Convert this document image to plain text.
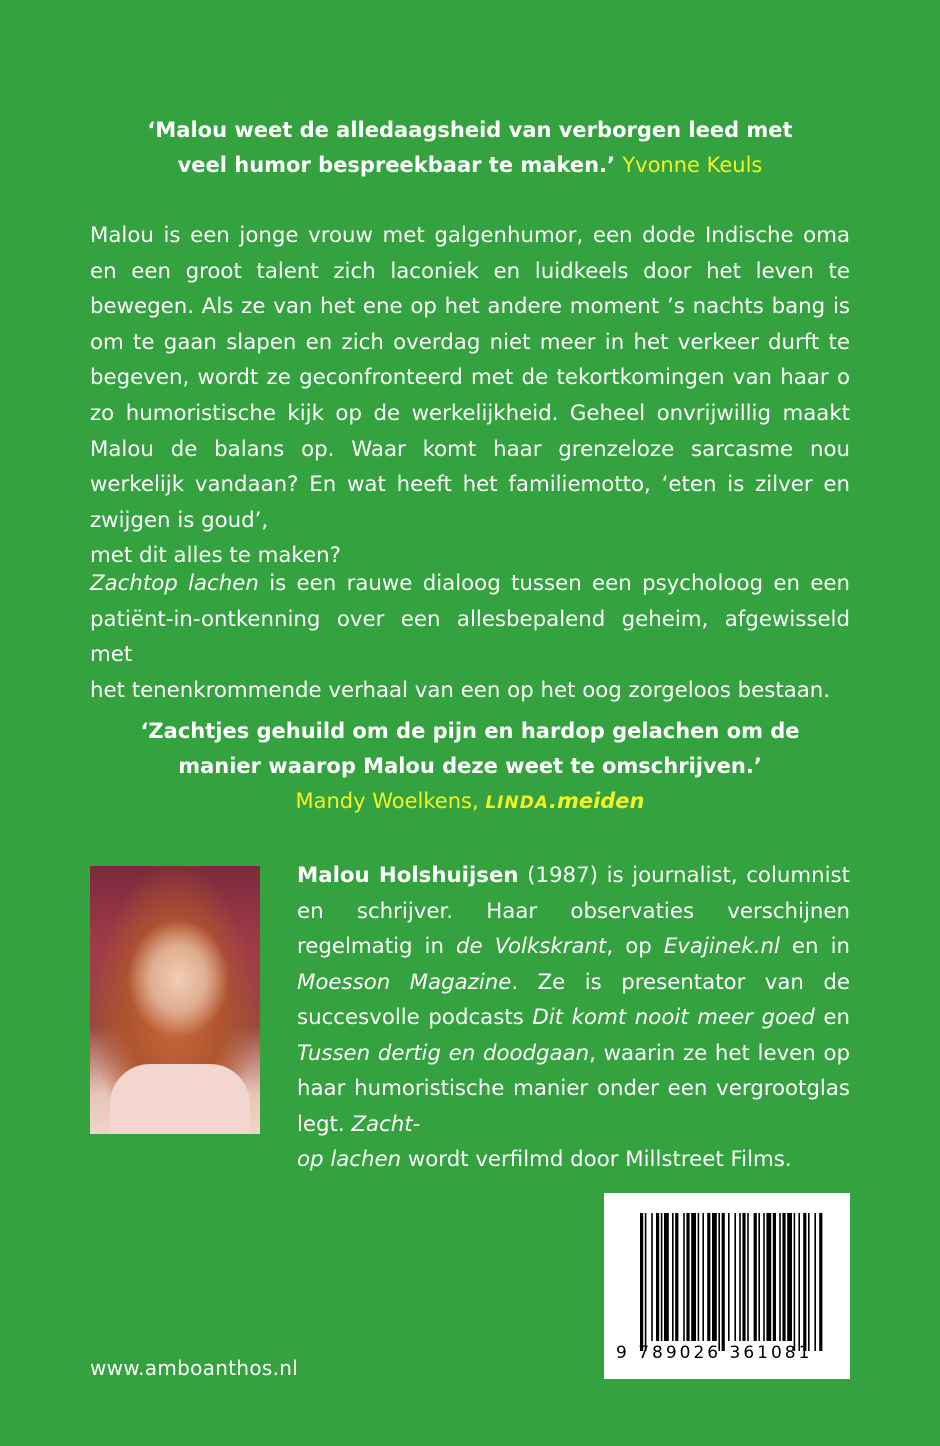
‘Malou weet de alledaagsheid van verborgen leed met
veel humor bespreekbaar te maken.’ Yvonne Keuls

Malou is een jonge vrouw met galgenhumor, een dode Indische oma en een groot talent zich laconiek en luidkeels door het leven te bewegen. Als ze van het ene op het andere moment ’s nachts bang is om te gaan slapen en zich overdag niet meer in het verkeer durft te begeven, wordt ze geconfronteerd met de tekortkomingen van haar o zo humoristische kijk op de werkelijkheid. Geheel onvrijwillig maakt Malou de balans op. Waar komt haar grenzeloze sarcasme nou werkelijk vandaan? En wat heeft het familiemotto, ‘eten is zilver en zwijgen is goud’,
met dit alles te maken?

Zachtop lachen is een rauwe dialoog tussen een psycholoog en een patiënt-in-ontkenning over een allesbepalend geheim, afgewisseld met
het tenenkrommende verhaal van een op het oog zorgeloos bestaan.

‘Zachtjes gehuild om de pijn en hardop gelachen om de
manier waarop Malou deze weet te omschrijven.’
Mandy Woelkens, LINDA.meiden

Malou Holshuijsen (1987) is journalist, columnist en schrijver. Haar observaties verschijnen regelmatig in de Volkskrant, op Evajinek.nl en in Moesson Magazine. Ze is presentator van de succesvolle podcasts Dit komt nooit meer goed en Tussen dertig en doodgaan, waarin ze het leven op haar humoristische manier onder een vergrootglas legt. Zacht-
op lachen wordt verfilmd door Millstreet Films.

www.amboanthos.nl
9 789026 361081
